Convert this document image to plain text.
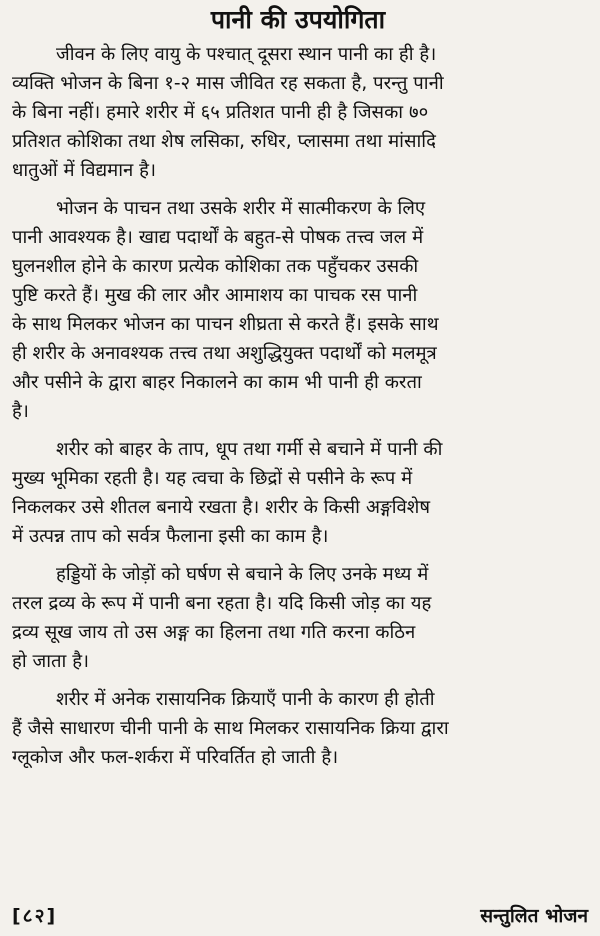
पानी की उपयोगिता

जीवन के लिए वायु के पश्चात् दूसरा स्थान पानी का ही है।
व्यक्ति भोजन के बिना १-२ मास जीवित रह सकता है, परन्तु पानी
के बिना नहीं। हमारे शरीर में ६५ प्रतिशत पानी ही है जिसका ७०
प्रतिशत कोशिका तथा शेष लसिका, रुधिर, प्लासमा तथा मांसादि
धातुओं में विद्यमान है।

भोजन के पाचन तथा उसके शरीर में सात्मीकरण के लिए
पानी आवश्यक है। खाद्य पदार्थों के बहुत-से पोषक तत्त्व जल में
घुलनशील होने के कारण प्रत्येक कोशिका तक पहुँचकर उसकी
पुष्टि करते हैं। मुख की लार और आमाशय का पाचक रस पानी
के साथ मिलकर भोजन का पाचन शीघ्रता से करते हैं। इसके साथ
ही शरीर के अनावश्यक तत्त्व तथा अशुद्धियुक्त पदार्थों को मलमूत्र
और पसीने के द्वारा बाहर निकालने का काम भी पानी ही करता
है।

शरीर को बाहर के ताप, धूप तथा गर्मी से बचाने में पानी की
मुख्य भूमिका रहती है। यह त्वचा के छिद्रों से पसीने के रूप में
निकलकर उसे शीतल बनाये रखता है। शरीर के किसी अङ्गविशेष
में उत्पन्न ताप को सर्वत्र फैलाना इसी का काम है।

हड्डियों के जोड़ों को घर्षण से बचाने के लिए उनके मध्य में
तरल द्रव्य के रूप में पानी बना रहता है। यदि किसी जोड़ का यह
द्रव्य सूख जाय तो उस अङ्ग का हिलना तथा गति करना कठिन
हो जाता है।

शरीर में अनेक रासायनिक क्रियाएँ पानी के कारण ही होती
हैं जैसे साधारण चीनी पानी के साथ मिलकर रासायनिक क्रिया द्वारा
ग्लूकोज और फल-शर्करा में परिवर्तित हो जाती है।

[८२]	सन्तुलित भोजन
